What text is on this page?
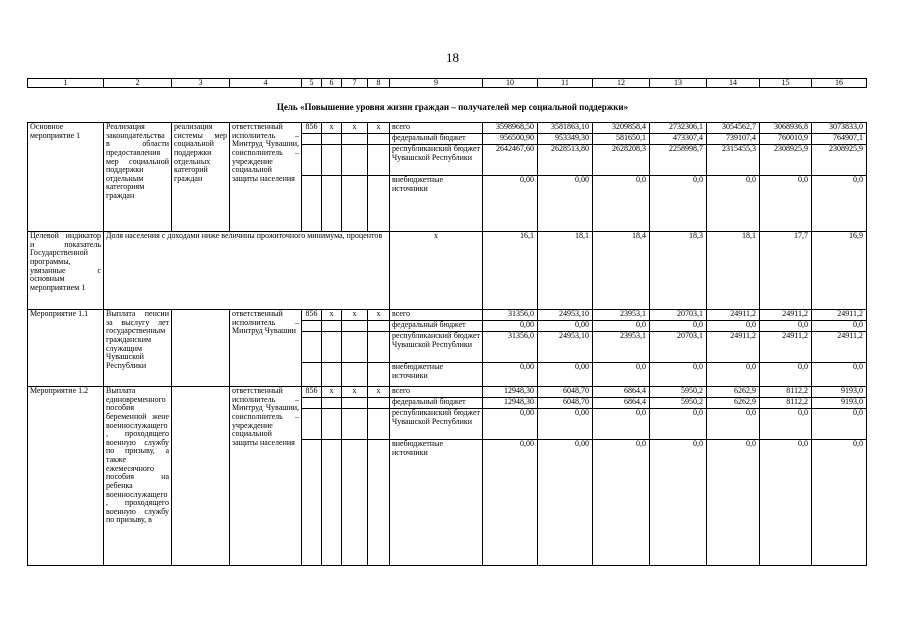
18
1	2	3	4	5	6	7	8	9	10	11	12	13	14	15	16
Цель «Повышение уровня жизни граждан – получателей мер социальной поддержки»
Основное мероприятие 1	Реализация законодательства в области предоставления мер социальной поддержки отдельным категориям граждан	реализация системы мер социальной поддержки отдельных категорий граждан	ответственный исполнитель – Минтруд Чувашии, соисполнитель – учреждение социальной защиты населения	856	x	x	x	всего	3598968,50	3581863,10	3209858,4	2732306,1	3054562,7	3068936,8	3073833,0
								федеральный бюджет	956500,90	953349,30	581650,1	473307,4	739107,4	760010,9	764907,1
								республиканский бюджет Чувашской Республики	2642467,60	2628513,80	2628208,3	2258998,7	2315455,3	2308925,9	2308925,9
								внебюджетные источники	0,00	0,00	0,0	0,0	0,0	0,0	0,0
Целевой индикатор и показатель Государственной программы, увязанные с основным мероприятием 1	Доля населения с доходами ниже величины прожиточного минимума, процентов							x	16,1	18,1	18,4	18,3	18,1	17,7	16,9
Мероприятие 1.1	Выплата пенсии за выслугу лет государственным гражданским служащим Чувашской Республики		ответственный исполнитель – Минтруд Чувашии	856	x	x	x	всего	31356,0	24953,10	23953,1	20703,1	24911,2	24911,2	24911,2
								федеральный бюджет	0,00	0,00	0,0	0,0	0,0	0,0	0,0
								республиканский бюджет Чувашской Республики	31356,0	24953,10	23953,1	20703,1	24911,2	24911,2	24911,2
								внебюджетные источники	0,00	0,00	0,0	0,0	0,0	0,0	0,0
Мероприятие 1.2	Выплата единовременного пособия беременной жене военнослужащего, проходящего военную службу по призыву, а также ежемесячного пособия на ребенка военнослужащего, проходящего военную службу по призыву, в		ответственный исполнитель – Минтруд Чувашии, соисполнитель – учреждение социальной защиты населения	856	x	x	x	всего	12948,30	6048,70	6864,4	5950,2	6262,9	8112,2	9193,0
								федеральный бюджет	12948,30	6048,70	6864,4	5950,2	6262,9	8112,2	9193,0
								республиканский бюджет Чувашской Республики	0,00	0,00	0,0	0,0	0,0	0,0	0,0
								внебюджетные источники	0,00	0,00	0,0	0,0	0,0	0,0	0,0
